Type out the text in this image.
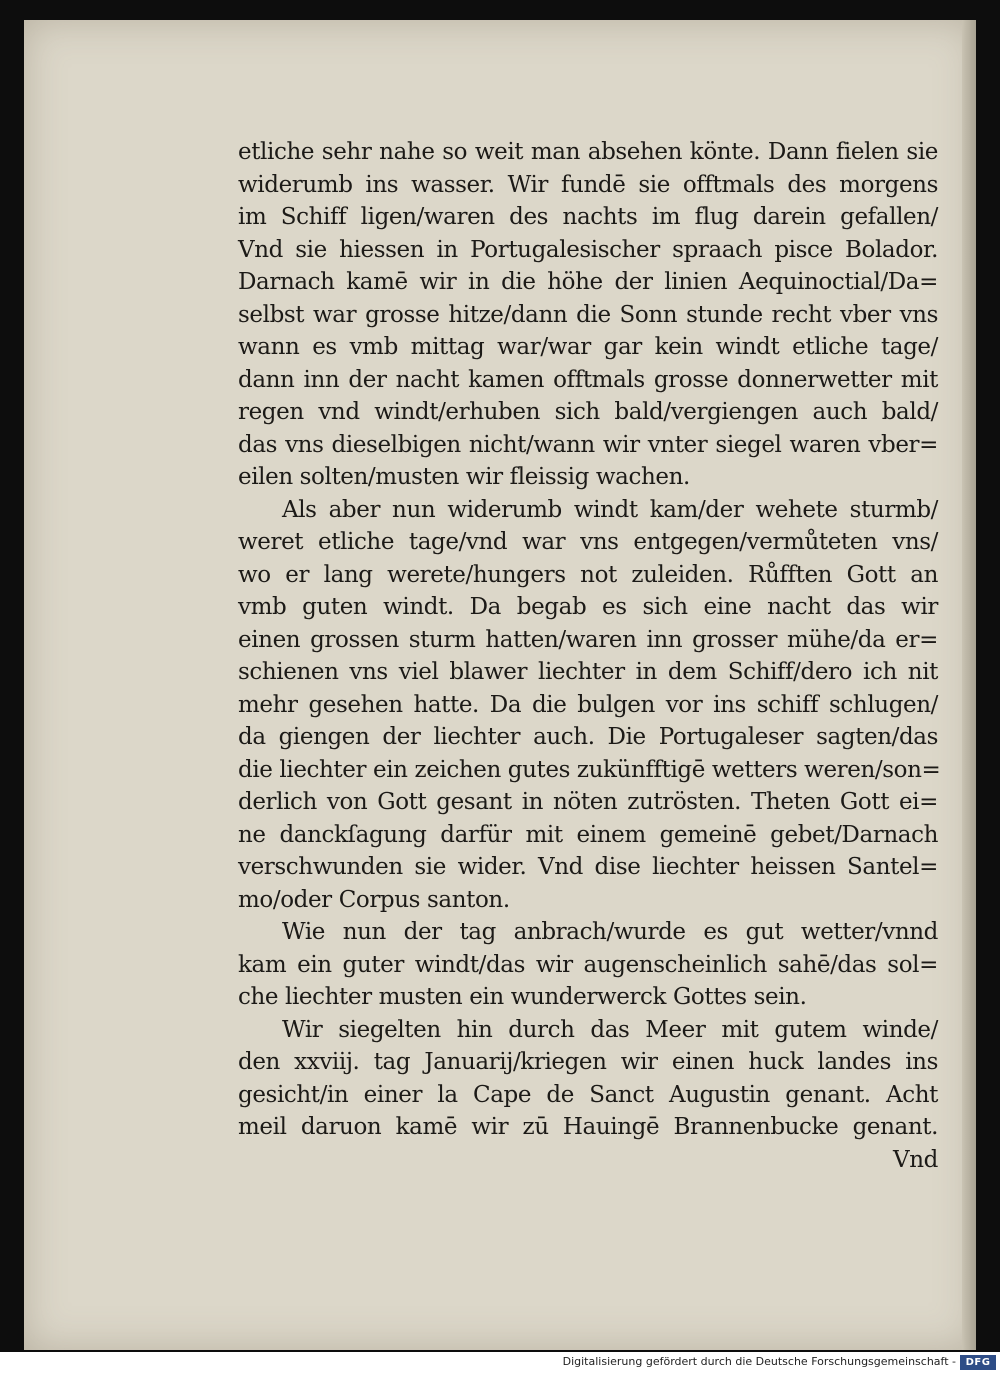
etliche sehr nahe so weit man absehen könte. Dann fielen sie
widerumb ins wasser. Wir fundē sie offtmals des morgens
im Schiff ligen/waren des nachts im flug darein gefallen/
Vnd sie hiessen in Portugalesischer spraach pisce Bolador.
Darnach kamē wir in die höhe der linien Aequinoctial/Da=
selbst war grosse hitze/dann die Sonn stunde recht vber vns
wann es vmb mittag war/war gar kein windt etliche tage/
dann inn der nacht kamen offtmals grosse donnerwetter mit
regen vnd windt/erhuben sich bald/vergiengen auch bald/
das vns dieselbigen nicht/wann wir vnter siegel waren vber=
eilen solten/musten wir fleissig wachen.
Als aber nun widerumb windt kam/der wehete sturmb/
weret etliche tage/vnd war vns entgegen/vermůteten vns/
wo er lang werete/hungers not zuleiden. Růfften Gott an
vmb guten windt. Da begab es sich eine nacht das wir
einen grossen sturm hatten/waren inn grosser mühe/da er=
schienen vns viel blawer liechter in dem Schiff/dero ich nit
mehr gesehen hatte. Da die bulgen vor ins schiff schlugen/
da giengen der liechter auch. Die Portugaleser sagten/das
die liechter ein zeichen gutes zukünfftigē wetters weren/son=
derlich von Gott gesant in nöten zutrösten. Theten Gott ei=
ne danckſagung darfür mit einem gemeinē gebet/Darnach
verschwunden sie wider. Vnd dise liechter heissen Santel=
mo/oder Corpus santon.
Wie nun der tag anbrach/wurde es gut wetter/vnnd
kam ein guter windt/das wir augenscheinlich sahē/das sol=
che liechter musten ein wunderwerck Gottes sein.
Wir siegelten hin durch das Meer mit gutem winde/
den xxviij. tag Januarij/kriegen wir einen huck landes ins
gesicht/in einer la Cape de Sanct Augustin genant. Acht
meil daruon kamē wir zū Hauingē Brannenbucke genant.
Vnd
Digitalisierung gefördert durch die Deutsche Forschungsgemeinschaft - DFG
